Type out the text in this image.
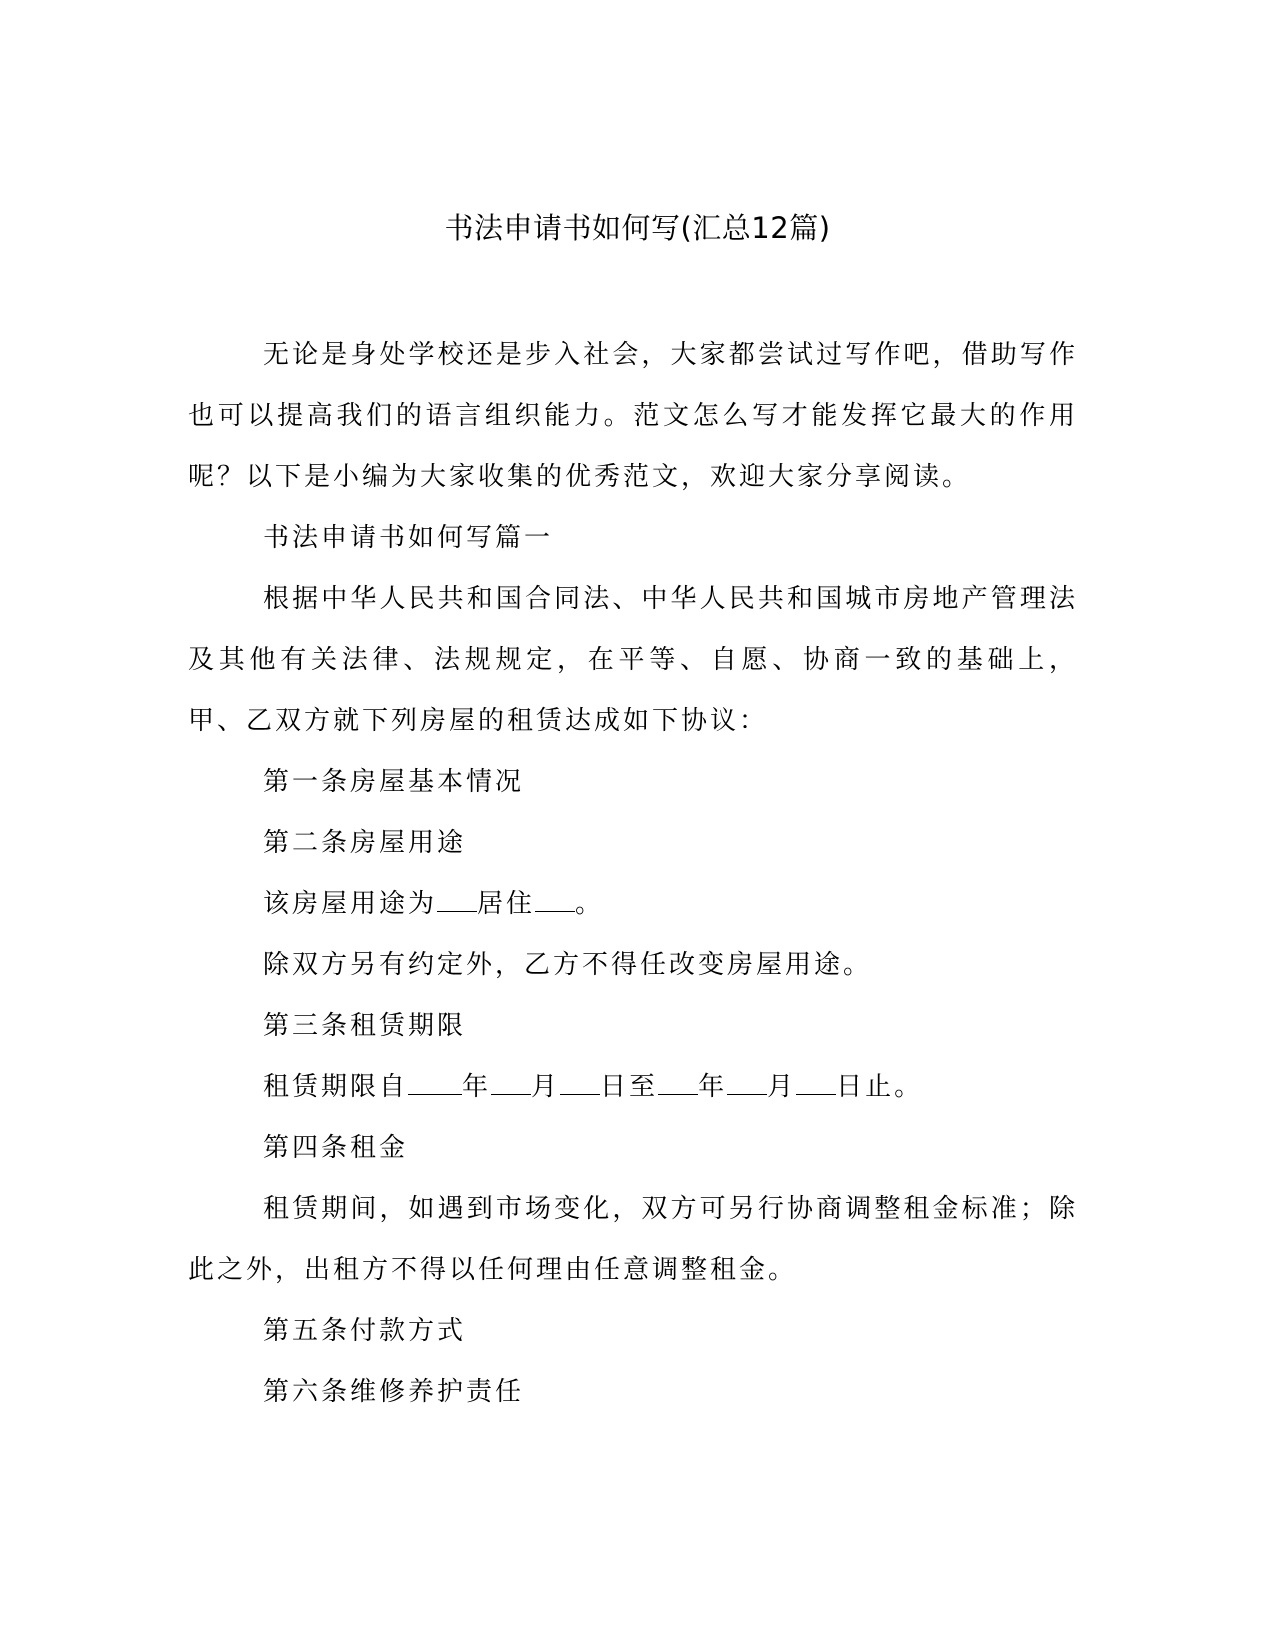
书法申请书如何写(汇总12篇)

无论是身处学校还是步入社会，大家都尝试过写作吧，借助写作也可以提高我们的语言组织能力。范文怎么写才能发挥它最大的作用呢？以下是小编为大家收集的优秀范文，欢迎大家分享阅读。

书法申请书如何写篇一

根据中华人民共和国合同法、中华人民共和国城市房地产管理法及其他有关法律、法规规定，在平等、自愿、协商一致的基础上，甲、乙双方就下列房屋的租赁达成如下协议：

第一条房屋基本情况

第二条房屋用途

该房屋用途为 居住 。

除双方另有约定外，乙方不得任改变房屋用途。

第三条租赁期限

租赁期限自 年 月 日至 年 月 日止。

第四条租金

租赁期间，如遇到市场变化，双方可另行协商调整租金标准；除此之外，出租方不得以任何理由任意调整租金。

第五条付款方式

第六条维修养护责任
